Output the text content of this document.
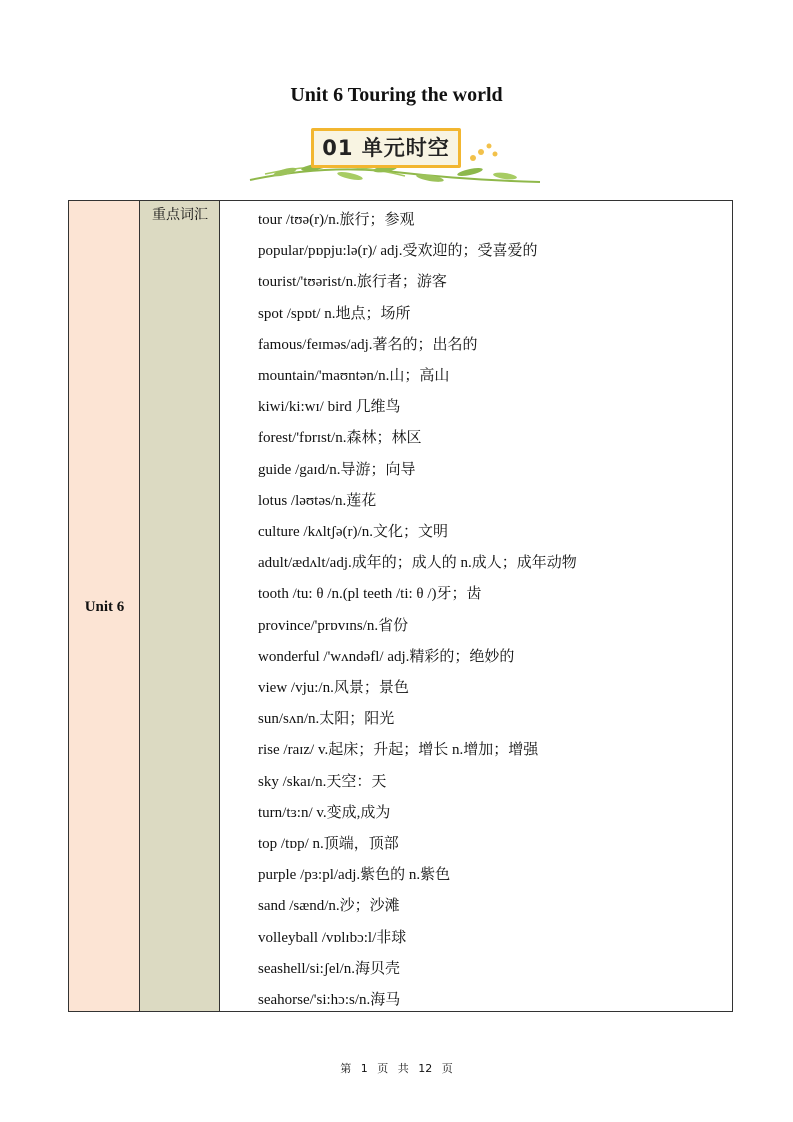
Unit 6 Touring the world
01 单元时空
Unit 6
重点词汇	tour /tʊə(r)/n.旅行；参观
popular/pɒpju:lə(r)/ adj.受欢迎的；受喜爱的
tourist/'tʊərist/n.旅行者；游客
spot /spɒt/ n.地点；场所
famous/feɪməs/adj.著名的；出名的
mountain/'maʊntən/n.山；高山
kiwi/ki:wɪ/ bird 几维鸟
forest/'fɒrɪst/n.森林；林区
guide /gaɪd/n.导游；向导
lotus /ləʊtəs/n.莲花
culture /kʌltʃə(r)/n.文化；文明
adult/ædʌlt/adj.成年的；成人的 n.成人；成年动物
tooth /tu: θ /n.(pl teeth /ti: θ /)牙；齿
province/'prɒvɪns/n.省份
wonderful /'wʌndəfl/ adj.精彩的；绝妙的
view /vju:/n.风景；景色
sun/sʌn/n.太阳；阳光
rise /raɪz/ v.起床；升起；增长 n.增加；增强
sky /skaɪ/n.天空：天
turn/tɜ:n/ v.变成,成为
top /tɒp/ n.顶端，顶部
purple /pɜ:pl/adj.紫色的 n.紫色
sand /sænd/n.沙；沙滩
volleyball /vɒlɪbɔ:l/非球
seashell/si:ʃel/n.海贝壳
seahorse/'si:hɔ:s/n.海马
第 1 页 共 12 页
